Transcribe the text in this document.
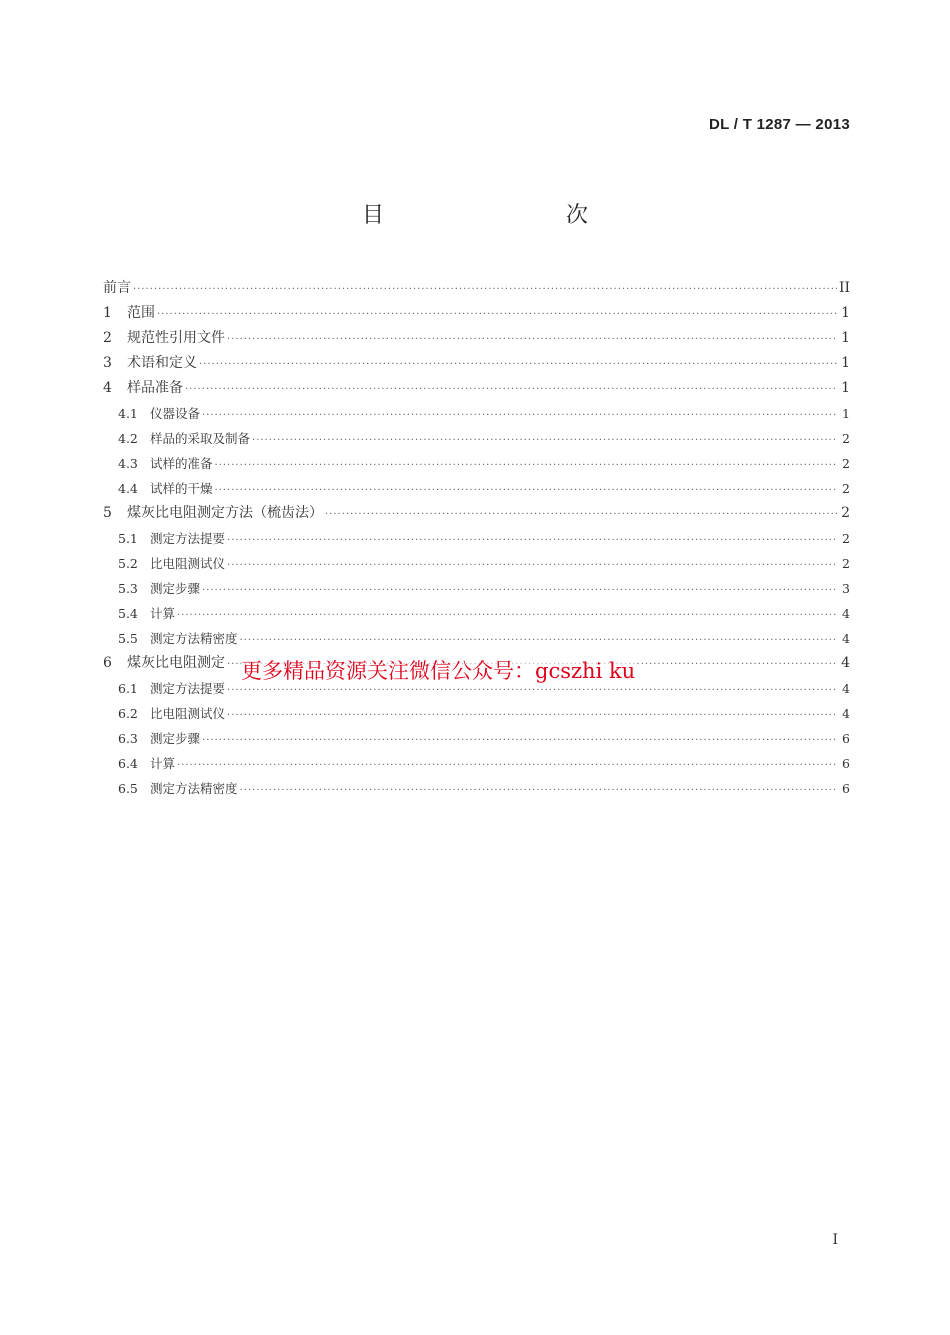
DL / T 1287 — 2013
目　　次
前言 ·····	II
1	范围 ·····	1
2	规范性引用文件 ·····	1
3	术语和定义 ·····	1
4	样品准备 ·····	1
4.1 仪器设备 ·····	1
4.2 样品的采取及制备 ·····	2
4.3 试样的准备 ·····	2
4.4 试样的干燥 ·····	2
5	煤灰比电阻测定方法（梳齿法） ·····	2
5.1 测定方法提要 ·····	2
5.2 比电阻测试仪 ·····	2
5.3 测定步骤 ·····	3
5.4 计算 ·····	4
5.5 测定方法精密度 ·····	4
6	煤灰比电阻测定 ·····	4
6.1 测定方法提要 ·····	4
6.2 比电阻测试仪 ·····	4
6.3 测定步骤 ·····	6
6.4 计算 ·····	6
6.5 测定方法精密度 ·····	6
更多精品资源关注微信公众号：gcszhi ku
I
